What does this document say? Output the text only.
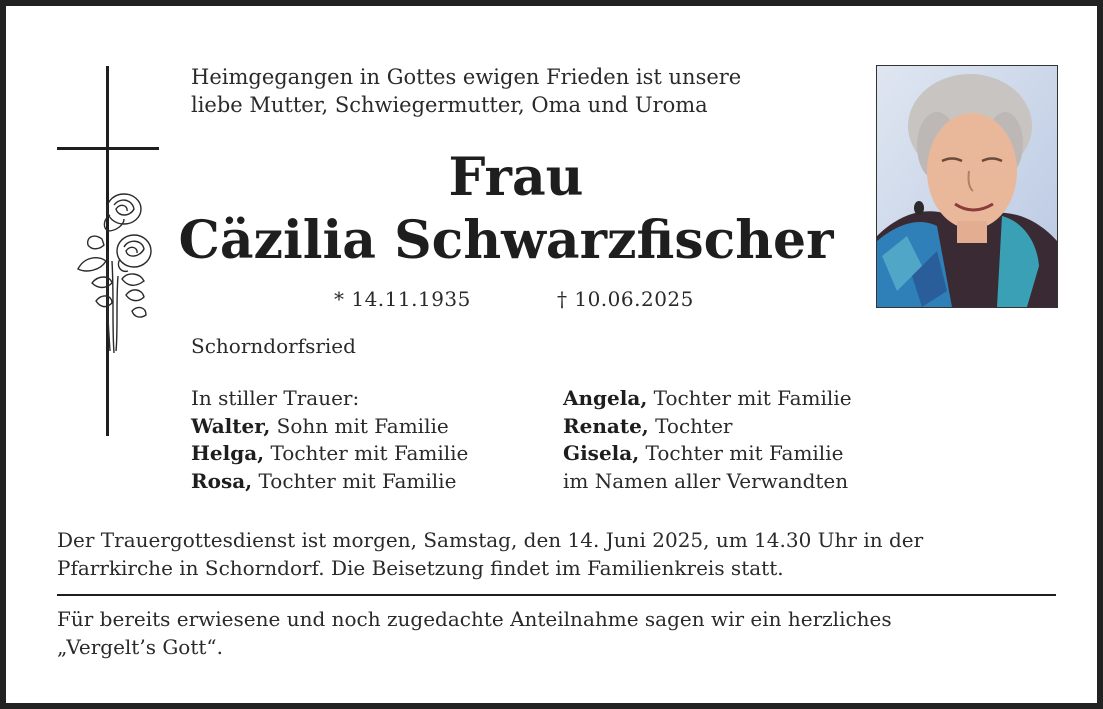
Heimgegangen in Gottes ewigen Frieden ist unsere
liebe Mutter, Schwiegermutter, Oma und Uroma
Frau
Cäzilia Schwarzfischer
* 14.11.1935	† 10.06.2025
Schorndorfsried
In stiller Trauer:
Walter, Sohn mit Familie
Helga, Tochter mit Familie
Rosa, Tochter mit Familie
Angela, Tochter mit Familie
Renate, Tochter
Gisela, Tochter mit Familie
im Namen aller Verwandten
Der Trauergottesdienst ist morgen, Samstag, den 14. Juni 2025, um 14.30 Uhr in der
Pfarrkirche in Schorndorf. Die Beisetzung findet im Familienkreis statt.
Für bereits erwiesene und noch zugedachte Anteilnahme sagen wir ein herzliches
„Vergelt’s Gott“.
